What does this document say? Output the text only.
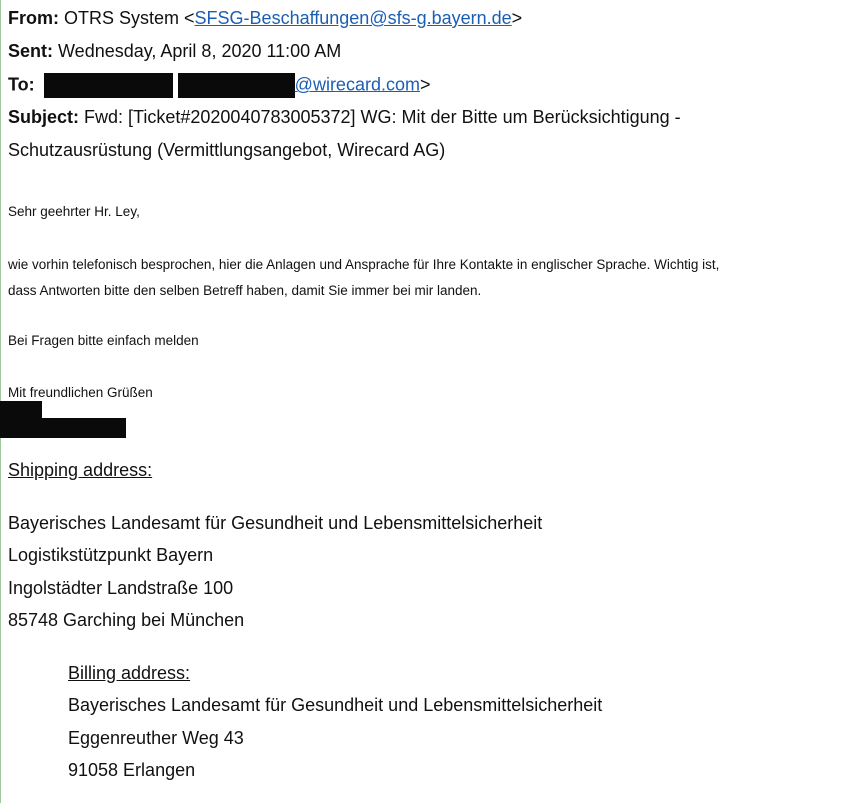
From: OTRS System <SFSG-Beschaffungen@sfs-g.bayern.de>
Sent: Wednesday, April 8, 2020 11:00 AM
To:	@wirecard.com>
Subject: Fwd: [Ticket#2020040783005372] WG: Mit der Bitte um Berücksichtigung -
Schutzausrüstung (Vermittlungsangebot, Wirecard AG)
Sehr geehrter Hr. Ley,
wie vorhin telefonisch besprochen, hier die Anlagen und Ansprache für Ihre Kontakte in englischer Sprache. Wichtig ist,
dass Antworten bitte den selben Betreff haben, damit Sie immer bei mir landen.
Bei Fragen bitte einfach melden
Mit freundlichen Grüßen
Shipping address:
Bayerisches Landesamt für Gesundheit und Lebensmittelsicherheit
Logistikstützpunkt Bayern
Ingolstädter Landstraße 100
85748 Garching bei München
Billing address:
Bayerisches Landesamt für Gesundheit und Lebensmittelsicherheit
Eggenreuther Weg 43
91058 Erlangen
